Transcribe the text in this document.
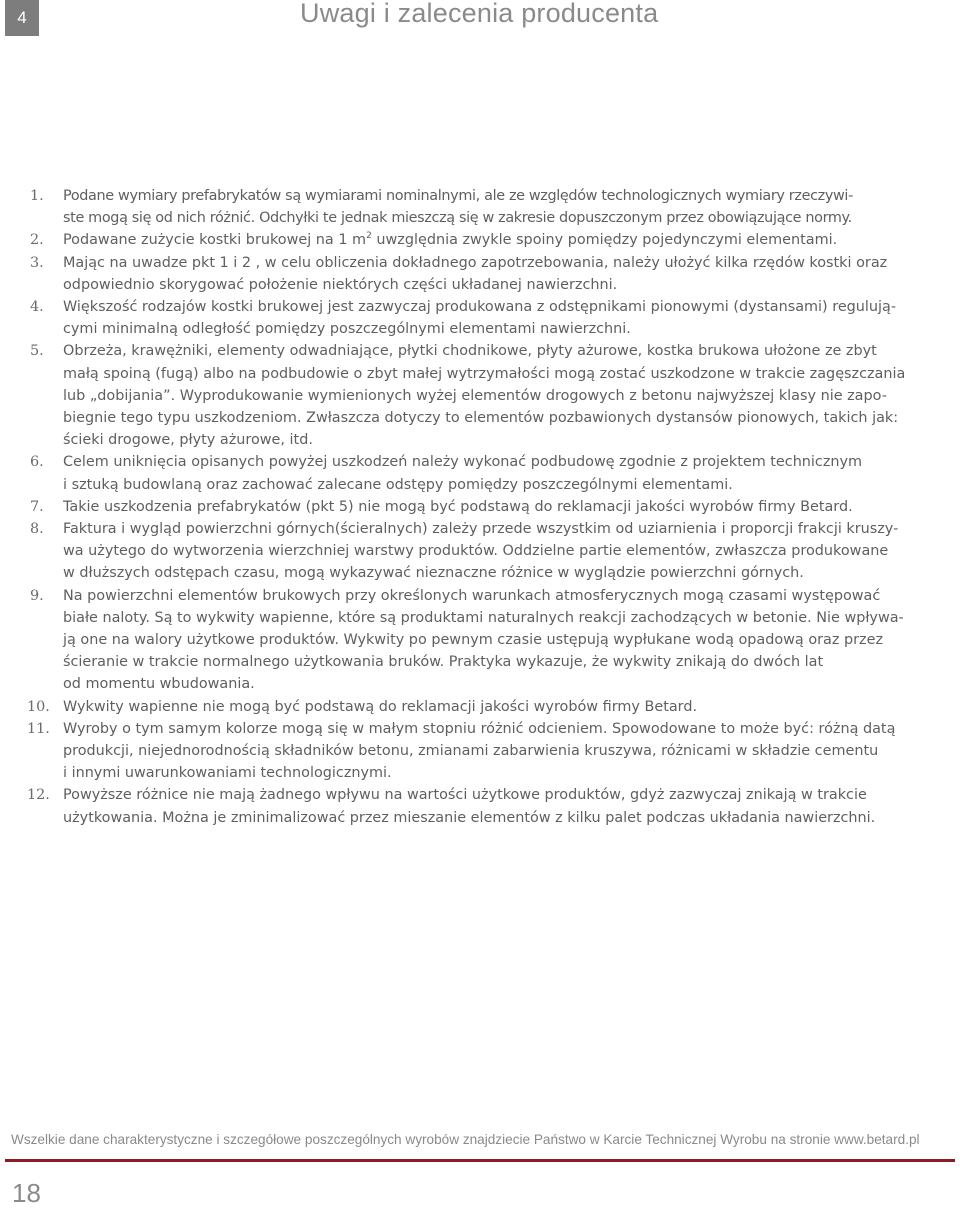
4	Uwagi i zalecenia producenta
1. Podane wymiary prefabrykatów są wymiarami nominalnymi, ale ze względów technologicznych wymiary rzeczywi-
ste mogą się od nich różnić. Odchyłki te jednak mieszczą się w zakresie dopuszczonym przez obowiązujące normy.
2. Podawane zużycie kostki brukowej na 1 $m^2$ uwzględnia zwykle spoiny pomiędzy pojedynczymi elementami.
3. Mając na uwadze pkt 1 i 2 , w celu obliczenia dokładnego zapotrzebowania, należy ułożyć kilka rzędów kostki oraz
odpowiednio skorygować położenie niektórych części układanej nawierzchni.
4. Większość rodzajów kostki brukowej jest zazwyczaj produkowana z odstępnikami pionowymi (dystansami) regulują-
cymi minimalną odległość pomiędzy poszczególnymi elementami nawierzchni.
5. Obrzeża, krawężniki, elementy odwadniające, płytki chodnikowe, płyty ażurowe, kostka brukowa ułożone ze zbyt
małą spoiną (fugą) albo na podbudowie o zbyt małej wytrzymałości mogą zostać uszkodzone w trakcie zagęszczania
lub „dobijania”. Wyprodukowanie wymienionych wyżej elementów drogowych z betonu najwyższej klasy nie zapo-
biegnie tego typu uszkodzeniom. Zwłaszcza dotyczy to elementów pozbawionych dystansów pionowych, takich jak:
ścieki drogowe, płyty ażurowe, itd.
6. Celem uniknięcia opisanych powyżej uszkodzeń należy wykonać podbudowę zgodnie z projektem technicznym
i sztuką budowlaną oraz zachować zalecane odstępy pomiędzy poszczególnymi elementami.
7. Takie uszkodzenia prefabrykatów (pkt 5) nie mogą być podstawą do reklamacji jakości wyrobów firmy Betard.
8. Faktura i wygląd powierzchni górnych(ścieralnych) zależy przede wszystkim od uziarnienia i proporcji frakcji kruszy-
wa użytego do wytworzenia wierzchniej warstwy produktów. Oddzielne partie elementów, zwłaszcza produkowane
w dłuższych odstępach czasu, mogą wykazywać nieznaczne różnice w wyglądzie powierzchni górnych.
9. Na powierzchni elementów brukowych przy określonych warunkach atmosferycznych mogą czasami występować
białe naloty. Są to wykwity wapienne, które są produktami naturalnych reakcji zachodzących w betonie. Nie wpływa-
ją one na walory użytkowe produktów. Wykwity po pewnym czasie ustępują wypłukane wodą opadową oraz przez
ścieranie w trakcie normalnego użytkowania bruków. Praktyka wykazuje, że wykwity znikają do dwóch lat
od momentu wbudowania.
10. Wykwity wapienne nie mogą być podstawą do reklamacji jakości wyrobów firmy Betard.
11. Wyroby o tym samym kolorze mogą się w małym stopniu różnić odcieniem. Spowodowane to może być: różną datą
produkcji, niejednorodnością składników betonu, zmianami zabarwienia kruszywa, różnicami w składzie cementu
i innymi uwarunkowaniami technologicznymi.
12. Powyższe różnice nie mają żadnego wpływu na wartości użytkowe produktów, gdyż zazwyczaj znikają w trakcie
użytkowania. Można je zminimalizować przez mieszanie elementów z kilku palet podczas układania nawierzchni.
Wszelkie dane charakterystyczne i szczegółowe poszczególnych wyrobów znajdziecie Państwo w Karcie Technicznej Wyrobu na stronie www.betard.pl
18
